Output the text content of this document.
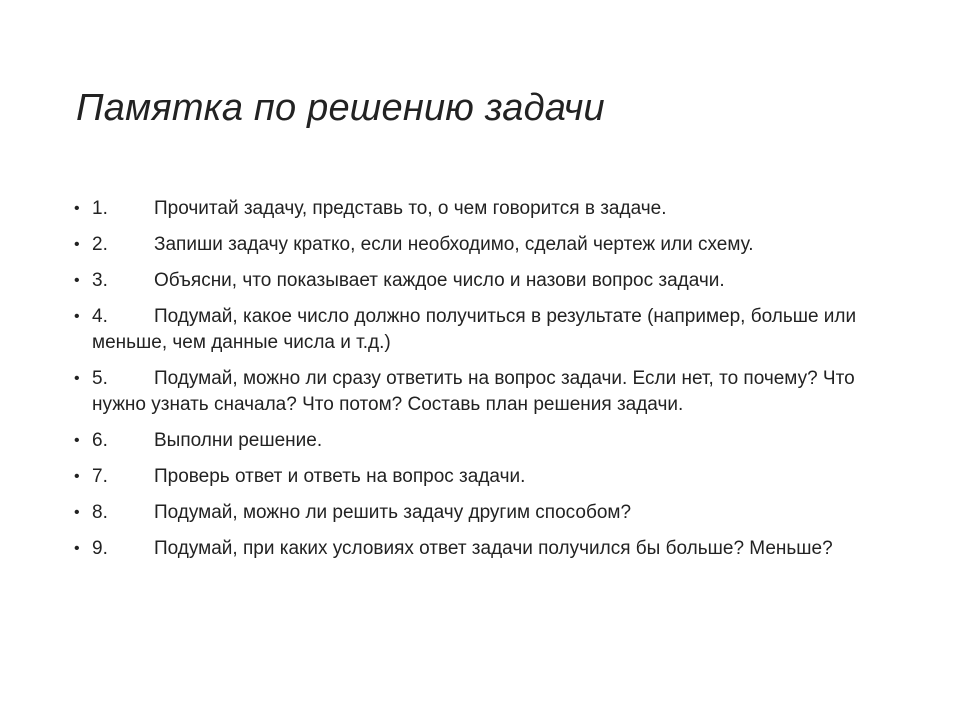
Памятка по решению задачи
• 1. Прочитай задачу, представь то, о чем говорится в задаче.
• 2. Запиши задачу кратко, если необходимо, сделай чертеж или схему.
• 3. Объясни, что показывает каждое число и назови вопрос задачи.
• 4. Подумай, какое число должно получиться в результате (например, больше или меньше, чем данные числа и т.д.)
• 5. Подумай, можно ли сразу ответить на вопрос задачи. Если нет, то почему? Что нужно узнать сначала? Что потом? Составь план решения задачи.
• 6. Выполни решение.
• 7. Проверь ответ и ответь на вопрос задачи.
• 8. Подумай, можно ли решить задачу другим способом?
• 9. Подумай, при каких условиях ответ задачи получился бы больше? Меньше?
